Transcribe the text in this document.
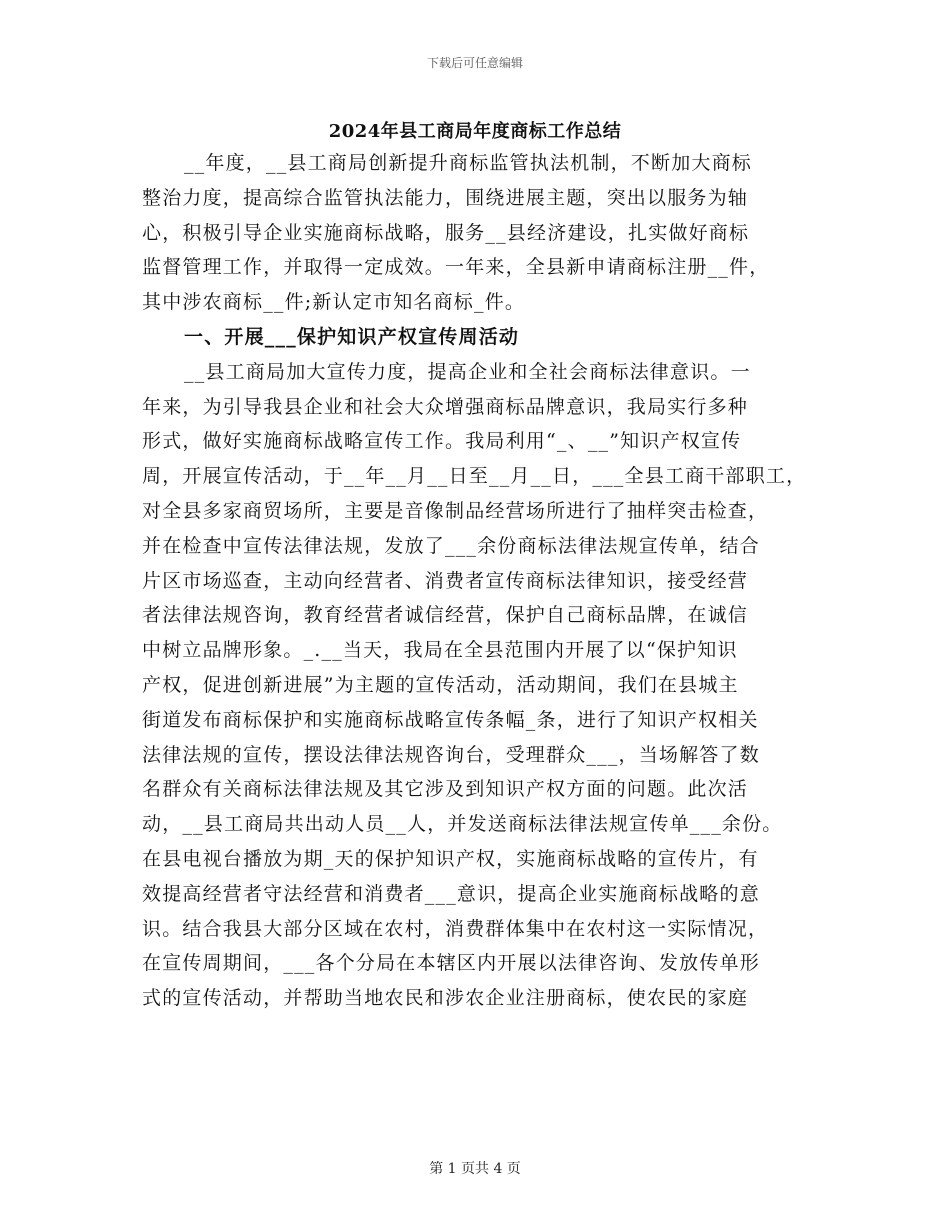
下载后可任意编辑
2024年县工商局年度商标工作总结
__年度，__县工商局创新提升商标监管执法机制，不断加大商标
整治力度，提高综合监管执法能力，围绕进展主题，突出以服务为轴
心，积极引导企业实施商标战略，服务__县经济建设，扎实做好商标
监督管理工作，并取得一定成效。一年来，全县新申请商标注册__件，
其中涉农商标__件;新认定市知名商标_件。
一、开展___保护知识产权宣传周活动
__县工商局加大宣传力度，提高企业和全社会商标法律意识。一
年来，为引导我县企业和社会大众增强商标品牌意识，我局实行多种
形式，做好实施商标战略宣传工作。我局利用“_、__”知识产权宣传
周，开展宣传活动，于__年__月__日至__月__日，___全县工商干部职工，
对全县多家商贸场所，主要是音像制品经营场所进行了抽样突击检查，
并在检查中宣传法律法规，发放了___余份商标法律法规宣传单，结合
片区市场巡查，主动向经营者、消费者宣传商标法律知识，接受经营
者法律法规咨询，教育经营者诚信经营，保护自己商标品牌，在诚信
中树立品牌形象。_.__当天，我局在全县范围内开展了以“保护知识
产权，促进创新进展”为主题的宣传活动，活动期间，我们在县城主
街道发布商标保护和实施商标战略宣传条幅_条，进行了知识产权相关
法律法规的宣传，摆设法律法规咨询台，受理群众___，当场解答了数
名群众有关商标法律法规及其它涉及到知识产权方面的问题。此次活
动，__县工商局共出动人员__人，并发送商标法律法规宣传单___余份。
在县电视台播放为期_天的保护知识产权，实施商标战略的宣传片，有
效提高经营者守法经营和消费者___意识，提高企业实施商标战略的意
识。结合我县大部分区域在农村，消费群体集中在农村这一实际情况，
在宣传周期间，___各个分局在本辖区内开展以法律咨询、发放传单形
式的宣传活动，并帮助当地农民和涉农企业注册商标，使农民的家庭
第 1 页共 4 页
